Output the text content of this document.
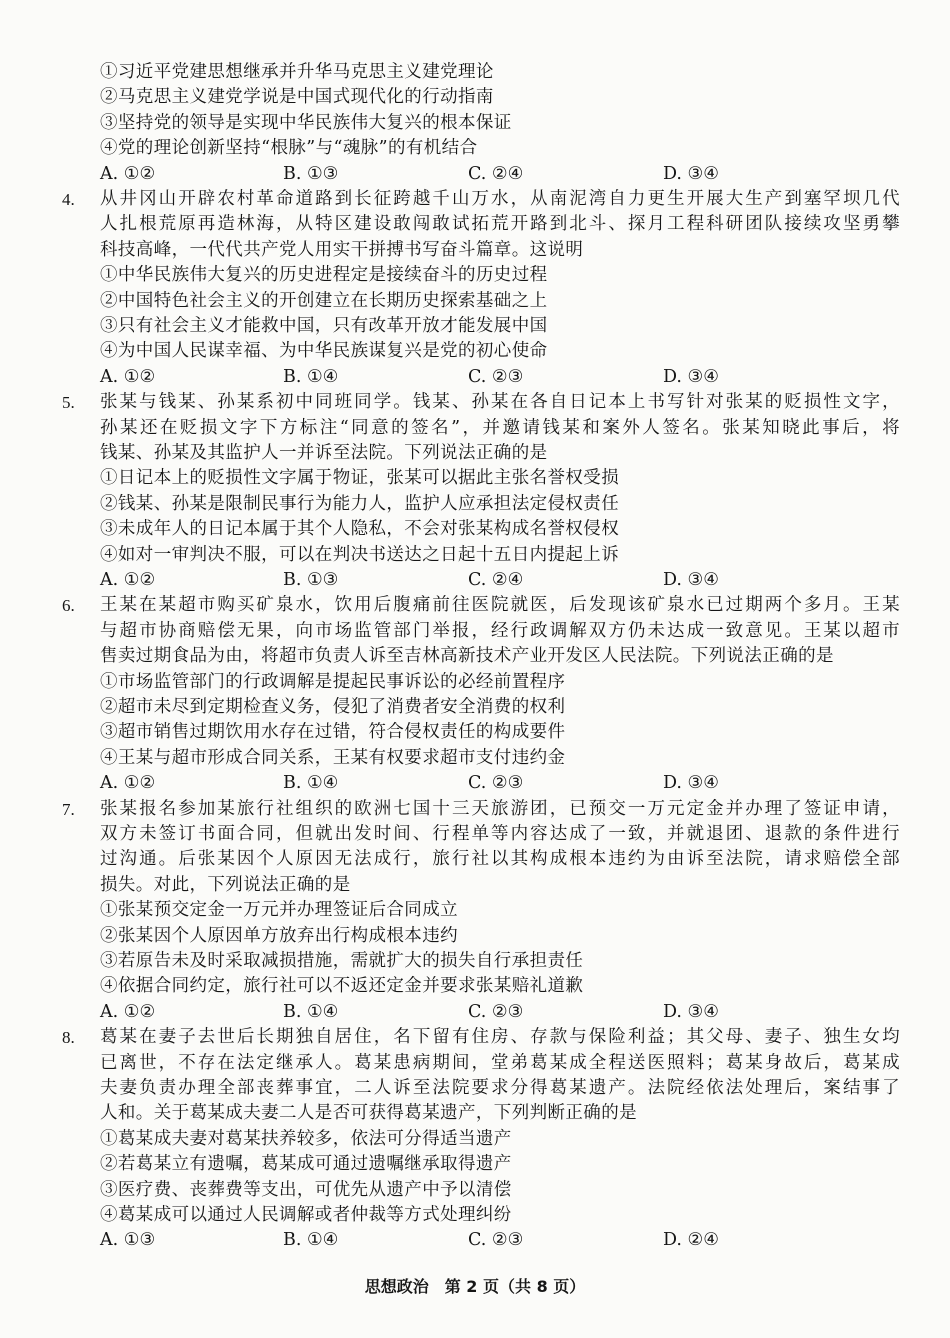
①习近平党建思想继承并升华马克思主义建党理论
②马克思主义建党学说是中国式现代化的行动指南
③坚持党的领导是实现中华民族伟大复兴的根本保证
④党的理论创新坚持“根脉”与“魂脉”的有机结合
A. ①②	B. ①③	C. ②④	D. ③④
4.	从井冈山开辟农村革命道路到长征跨越千山万水，从南泥湾自力更生开展大生产到塞罕坝几代
人扎根荒原再造林海，从特区建设敢闯敢试拓荒开路到北斗、探月工程科研团队接续攻坚勇攀
科技高峰，一代代共产党人用实干拼搏书写奋斗篇章。这说明
①中华民族伟大复兴的历史进程定是接续奋斗的历史过程
②中国特色社会主义的开创建立在长期历史探索基础之上
③只有社会主义才能救中国，只有改革开放才能发展中国
④为中国人民谋幸福、为中华民族谋复兴是党的初心使命
A. ①②	B. ①④	C. ②③	D. ③④
5.	张某与钱某、孙某系初中同班同学。钱某、孙某在各自日记本上书写针对张某的贬损性文字，
孙某还在贬损文字下方标注“同意的签名”，并邀请钱某和案外人签名。张某知晓此事后，将
钱某、孙某及其监护人一并诉至法院。下列说法正确的是
①日记本上的贬损性文字属于物证，张某可以据此主张名誉权受损
②钱某、孙某是限制民事行为能力人，监护人应承担法定侵权责任
③未成年人的日记本属于其个人隐私，不会对张某构成名誉权侵权
④如对一审判决不服，可以在判决书送达之日起十五日内提起上诉
A. ①②	B. ①③	C. ②④	D. ③④
6.	王某在某超市购买矿泉水，饮用后腹痛前往医院就医，后发现该矿泉水已过期两个多月。王某
与超市协商赔偿无果，向市场监管部门举报，经行政调解双方仍未达成一致意见。王某以超市
售卖过期食品为由，将超市负责人诉至吉林高新技术产业开发区人民法院。下列说法正确的是
①市场监管部门的行政调解是提起民事诉讼的必经前置程序
②超市未尽到定期检查义务，侵犯了消费者安全消费的权利
③超市销售过期饮用水存在过错，符合侵权责任的构成要件
④王某与超市形成合同关系，王某有权要求超市支付违约金
A. ①②	B. ①④	C. ②③	D. ③④
7.	张某报名参加某旅行社组织的欧洲七国十三天旅游团，已预交一万元定金并办理了签证申请，
双方未签订书面合同，但就出发时间、行程单等内容达成了一致，并就退团、退款的条件进行
过沟通。后张某因个人原因无法成行，旅行社以其构成根本违约为由诉至法院，请求赔偿全部
损失。对此，下列说法正确的是
①张某预交定金一万元并办理签证后合同成立
②张某因个人原因单方放弃出行构成根本违约
③若原告未及时采取减损措施，需就扩大的损失自行承担责任
④依据合同约定，旅行社可以不返还定金并要求张某赔礼道歉
A. ①②	B. ①④	C. ②③	D. ③④
8.	葛某在妻子去世后长期独自居住，名下留有住房、存款与保险利益；其父母、妻子、独生女均
已离世，不存在法定继承人。葛某患病期间，堂弟葛某成全程送医照料；葛某身故后，葛某成
夫妻负责办理全部丧葬事宜，二人诉至法院要求分得葛某遗产。法院经依法处理后，案结事了
人和。关于葛某成夫妻二人是否可获得葛某遗产，下列判断正确的是
①葛某成夫妻对葛某扶养较多，依法可分得适当遗产
②若葛某立有遗嘱，葛某成可通过遗嘱继承取得遗产
③医疗费、丧葬费等支出，可优先从遗产中予以清偿
④葛某成可以通过人民调解或者仲裁等方式处理纠纷
A. ①③	B. ①④	C. ②③	D. ②④
思想政治　第 2 页（共 8 页）
